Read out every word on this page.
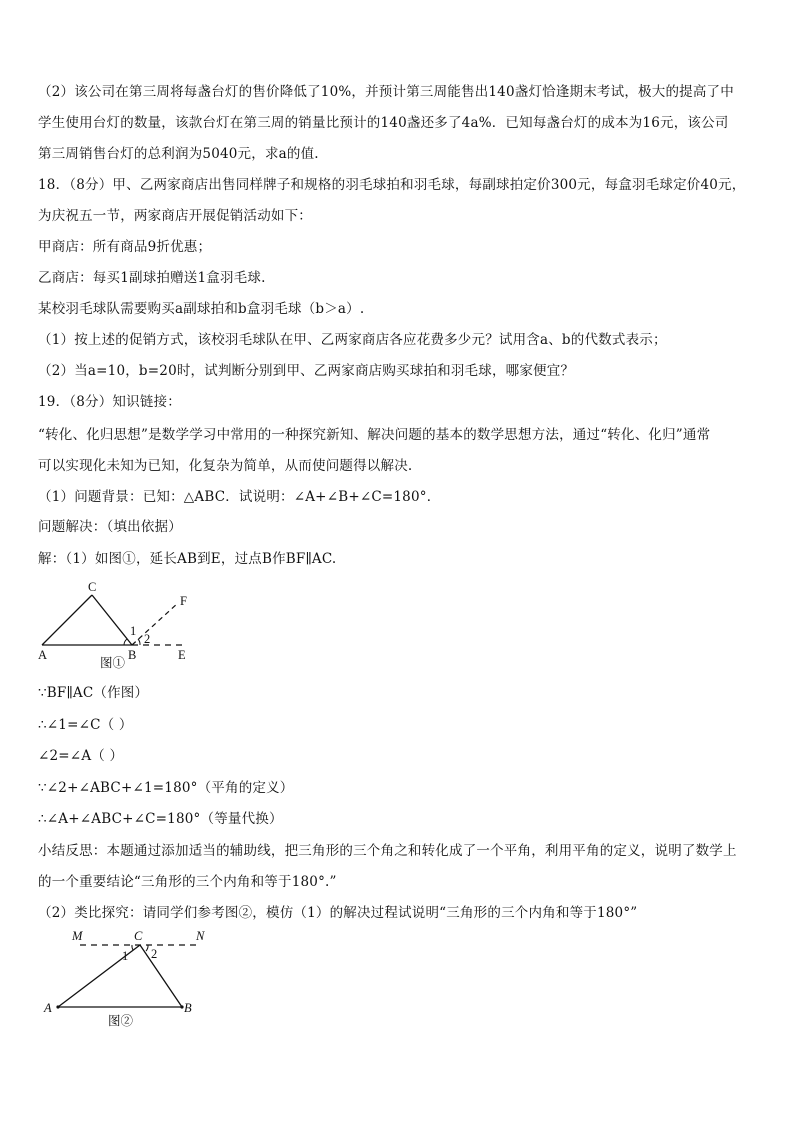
（2）该公司在第三周将每盏台灯的售价降低了10%，并预计第三周能售出140盏灯恰逢期末考试，极大的提高了中
学生使用台灯的数量，该款台灯在第三周的销量比预计的140盏还多了4a%．已知每盏台灯的成本为16元，该公司
第三周销售台灯的总利润为5040元，求a的值.
18．（8分）甲、乙两家商店出售同样牌子和规格的羽毛球拍和羽毛球，每副球拍定价300元，每盒羽毛球定价40元，
为庆祝五一节，两家商店开展促销活动如下：
甲商店：所有商品9折优惠；
乙商店：每买1副球拍赠送1盒羽毛球.
某校羽毛球队需要购买a副球拍和b盒羽毛球（b＞a）.
（1）按上述的促销方式，该校羽毛球队在甲、乙两家商店各应花费多少元？试用含a、b的代数式表示；
（2）当a=10，b=20时，试判断分别到甲、乙两家商店购买球拍和羽毛球，哪家便宜？
19．（8分）知识链接：
“转化、化归思想”是数学学习中常用的一种探究新知、解决问题的基本的数学思想方法，通过“转化、化归”通常
可以实现化未知为已知，化复杂为简单，从而使问题得以解决.
（1）问题背景：已知：△ABC．试说明：∠A+∠B+∠C=180°．
问题解决：（填出依据）
解：（1）如图①，延长AB到E，过点B作BF∥AC.
∵BF∥AC（作图）
∴∠1=∠C（ ）
∠2=∠A（ ）
∵∠2+∠ABC+∠1=180°（平角的定义）
∴∠A+∠ABC+∠C=180°（等量代换）
小结反思：本题通过添加适当的辅助线，把三角形的三个角之和转化成了一个平角，利用平角的定义，说明了数学上
的一个重要结论“三角形的三个内角和等于180°.”
（2）类比探究：请同学们参考图②，模仿（1）的解决过程试说明“三角形的三个内角和等于180°”
C
A	B	E
F
1
2
图①
M	N
C
A	B
1 2
图②
